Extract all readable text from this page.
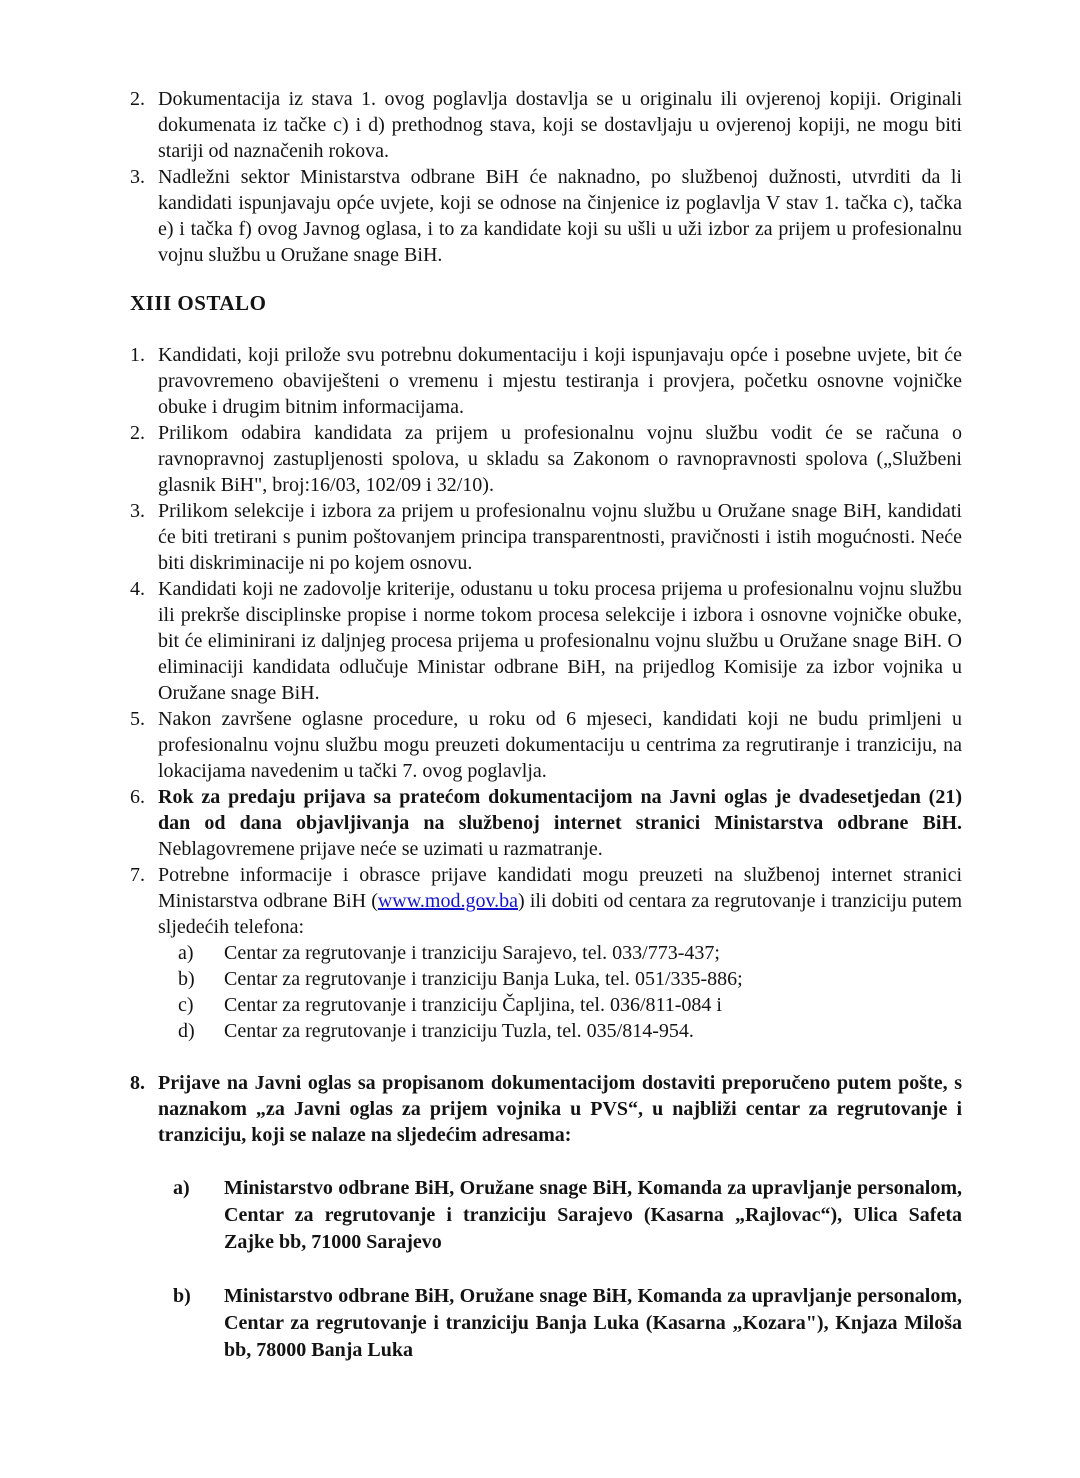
2. Dokumentacija iz stava 1. ovog poglavlja dostavlja se u originalu ili ovjerenoj kopiji. Originali dokumenata iz tačke c) i d) prethodnog stava, koji se dostavljaju u ovjerenoj kopiji, ne mogu biti stariji od naznačenih rokova.
3. Nadležni sektor Ministarstva odbrane BiH će naknadno, po službenoj dužnosti, utvrditi da li kandidati ispunjavaju opće uvjete, koji se odnose na činjenice iz poglavlja V stav 1. tačka c), tačka e) i tačka f) ovog Javnog oglasa, i to za kandidate koji su ušli u uži izbor za prijem u profesionalnu vojnu službu u Oružane snage BiH.
XIII OSTALO
1. Kandidati, koji prilože svu potrebnu dokumentaciju i koji ispunjavaju opće i posebne uvjete, bit će pravovremeno obaviješteni o vremenu i mjestu testiranja i provjera, početku osnovne vojničke obuke i drugim bitnim informacijama.
2. Prilikom odabira kandidata za prijem u profesionalnu vojnu službu vodit će se računa o ravnopravnoj zastupljenosti spolova, u skladu sa Zakonom o ravnopravnosti spolova („Službeni glasnik BiH", broj:16/03, 102/09 i 32/10).
3. Prilikom selekcije i izbora za prijem u profesionalnu vojnu službu u Oružane snage BiH, kandidati će biti tretirani s punim poštovanjem principa transparentnosti, pravičnosti i istih mogućnosti. Neće biti diskriminacije ni po kojem osnovu.
4. Kandidati koji ne zadovolje kriterije, odustanu u toku procesa prijema u profesionalnu vojnu službu ili prekrše disciplinske propise i norme tokom procesa selekcije i izbora i osnovne vojničke obuke, bit će eliminirani iz daljnjeg procesa prijema u profesionalnu vojnu službu u Oružane snage BiH. O eliminaciji kandidata odlučuje Ministar odbrane BiH, na prijedlog Komisije za izbor vojnika u Oružane snage BiH.
5. Nakon završene oglasne procedure, u roku od 6 mjeseci, kandidati koji ne budu primljeni u profesionalnu vojnu službu mogu preuzeti dokumentaciju u centrima za regrutiranje i tranziciju, na lokacijama navedenim u tački 7. ovog poglavlja.
6. Rok za predaju prijava sa pratećom dokumentacijom na Javni oglas je dvadesetjedan (21) dan od dana objavljivanja na službenoj internet stranici Ministarstva odbrane BiH. Neblagovremene prijave neće se uzimati u razmatranje.
7. Potrebne informacije i obrasce prijave kandidati mogu preuzeti na službenoj internet stranici Ministarstva odbrane BiH (www.mod.gov.ba) ili dobiti od centara za regrutovanje i tranziciju putem sljedećih telefona:
a) Centar za regrutovanje i tranziciju Sarajevo, tel. 033/773-437;
b) Centar za regrutovanje i tranziciju Banja Luka, tel. 051/335-886;
c) Centar za regrutovanje i tranziciju Čapljina, tel. 036/811-084 i
d) Centar za regrutovanje i tranziciju Tuzla, tel. 035/814-954.
8. Prijave na Javni oglas sa propisanom dokumentacijom dostaviti preporučeno putem pošte, s naznakom „za Javni oglas za prijem vojnika u PVS“, u najbliži centar za regrutovanje i tranziciju, koji se nalaze na sljedećim adresama:
a) Ministarstvo odbrane BiH, Oružane snage BiH, Komanda za upravljanje personalom, Centar za regrutovanje i tranziciju Sarajevo (Kasarna „Rajlovac“), Ulica Safeta Zajke bb, 71000 Sarajevo
b) Ministarstvo odbrane BiH, Oružane snage BiH, Komanda za upravljanje personalom, Centar za regrutovanje i tranziciju Banja Luka (Kasarna „Kozara"), Knjaza Miloša bb, 78000 Banja Luka
